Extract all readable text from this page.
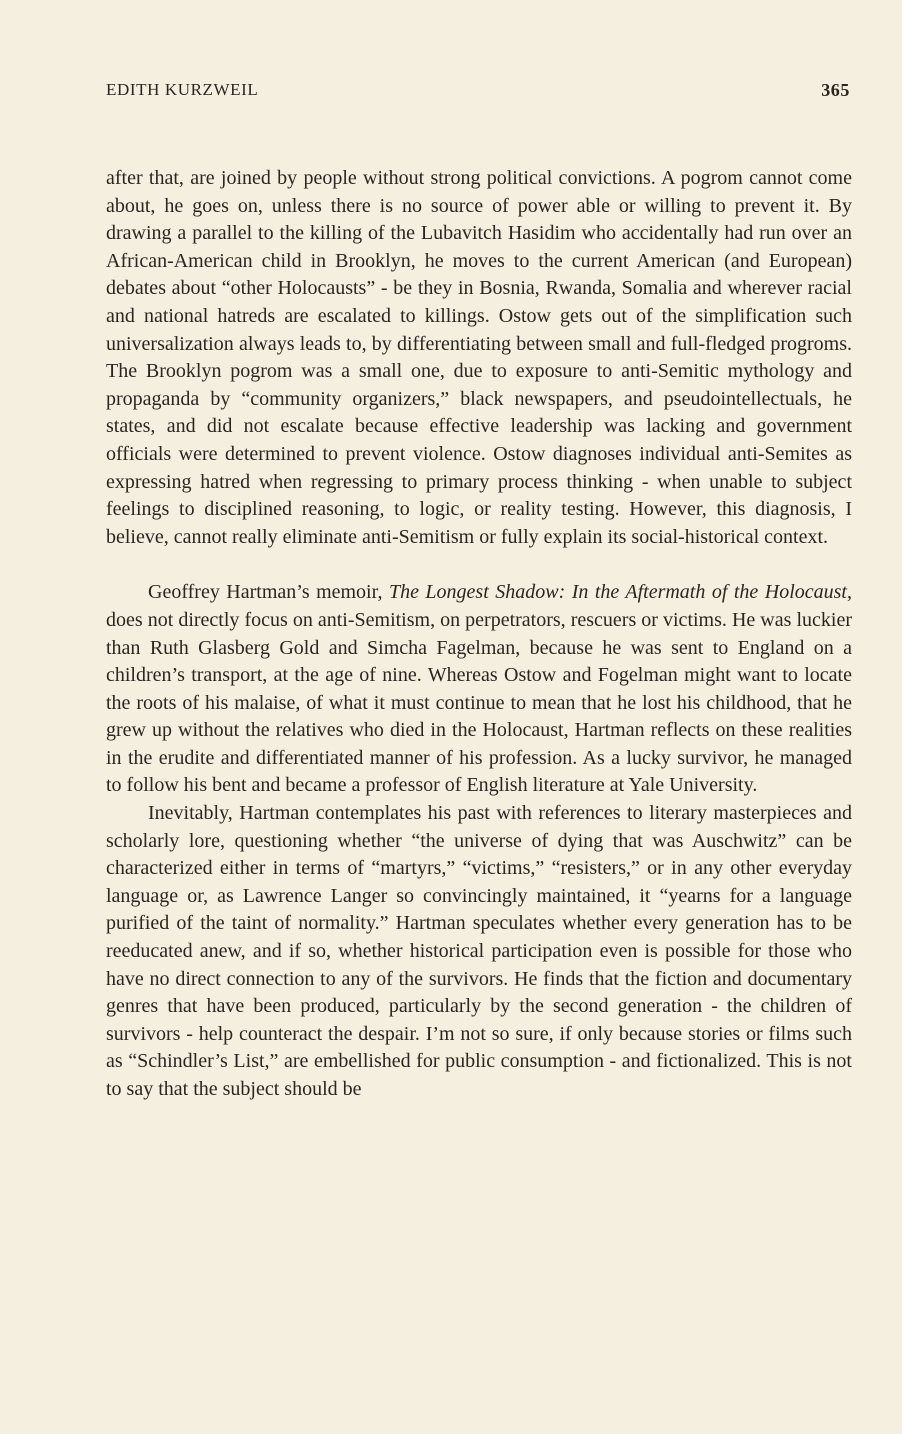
EDITH KURZWEIL	365

after that, are joined by people without strong political convictions. A pogrom cannot come about, he goes on, unless there is no source of power able or willing to prevent it. By drawing a parallel to the killing of the Lubavitch Hasidim who accidentally had run over an African-American child in Brooklyn, he moves to the current American (and European) debates about “other Holocausts” - be they in Bosnia, Rwanda, Somalia and wherever racial and national hatreds are escalated to killings. Ostow gets out of the simplification such universalization always leads to, by differentiating between small and full-fledged progroms. The Brooklyn pogrom was a small one, due to exposure to anti-Semitic mythology and propaganda by “community organizers,” black newspapers, and pseudointellectuals, he states, and did not escalate because effective leadership was lacking and government officials were determined to prevent violence. Ostow diagnoses individual anti-Semites as expressing hatred when regressing to primary process thinking - when unable to subject feelings to disciplined reasoning, to logic, or reality testing. However, this diagnosis, I believe, cannot really eliminate anti-Semitism or fully explain its social-historical context.

Geoffrey Hartman’s memoir, The Longest Shadow: In the Aftermath of the Holocaust, does not directly focus on anti-Semitism, on perpetrators, rescuers or victims. He was luckier than Ruth Glasberg Gold and Simcha Fagelman, because he was sent to England on a children’s transport, at the age of nine. Whereas Ostow and Fogelman might want to locate the roots of his malaise, of what it must continue to mean that he lost his childhood, that he grew up without the relatives who died in the Holocaust, Hartman reflects on these realities in the erudite and differentiated manner of his profession. As a lucky survivor, he managed to follow his bent and became a professor of English literature at Yale University.

Inevitably, Hartman contemplates his past with references to literary masterpieces and scholarly lore, questioning whether “the universe of dying that was Auschwitz” can be characterized either in terms of “martyrs,” “victims,” “resisters,” or in any other everyday language or, as Lawrence Langer so convincingly maintained, it “yearns for a language purified of the taint of normality.” Hartman speculates whether every generation has to be reeducated anew, and if so, whether historical participation even is possible for those who have no direct connection to any of the survivors. He finds that the fiction and documentary genres that have been produced, particularly by the second generation - the children of survivors - help counteract the despair. I’m not so sure, if only because stories or films such as “Schindler’s List,” are embellished for public consumption - and fictionalized. This is not to say that the subject should be
